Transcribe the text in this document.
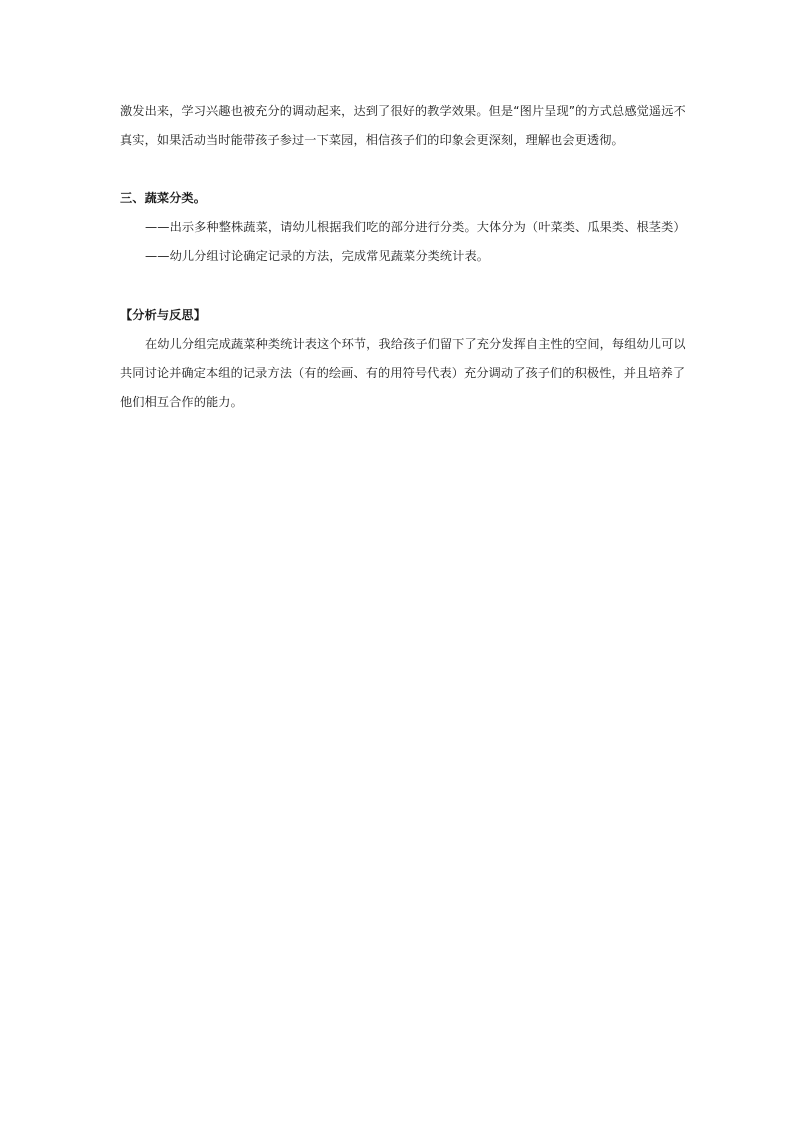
激发出来，学习兴趣也被充分的调动起来，达到了很好的教学效果。但是“图片呈现”的方式总感觉遥远不
真实，如果活动当时能带孩子参过一下菜园，相信孩子们的印象会更深刻，理解也会更透彻。
三、蔬菜分类。
——出示多种整株蔬菜，请幼儿根据我们吃的部分进行分类。大体分为（叶菜类、瓜果类、根茎类）
——幼儿分组讨论确定记录的方法，完成常见蔬菜分类统计表。
【分析与反思】
在幼儿分组完成蔬菜种类统计表这个环节，我给孩子们留下了充分发挥自主性的空间，每组幼儿可以
共同讨论并确定本组的记录方法（有的绘画、有的用符号代表）充分调动了孩子们的积极性，并且培养了
他们相互合作的能力。
